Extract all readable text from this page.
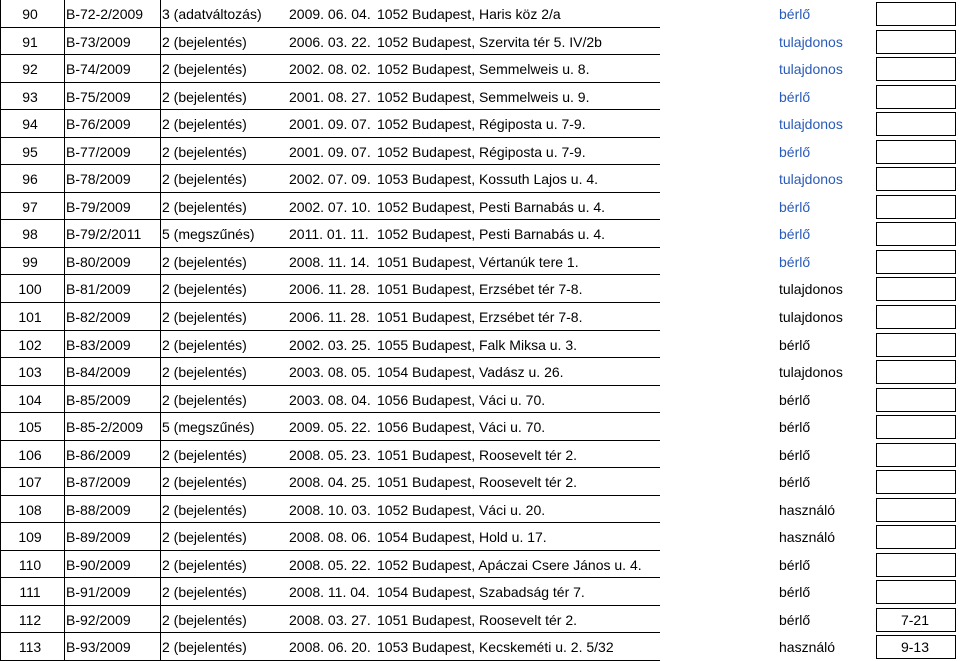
90	B-72-2/2009	3 (adatváltozás)	2009. 06. 04. 1052 Budapest, Haris köz 2/a	bérlő
91	B-73/2009	2 (bejelentés)	2006. 03. 22. 1052 Budapest, Szervita tér 5. IV/2b	tulajdonos
92	B-74/2009	2 (bejelentés)	2002. 08. 02. 1052 Budapest, Semmelweis u. 8.	tulajdonos
93	B-75/2009	2 (bejelentés)	2001. 08. 27. 1052 Budapest, Semmelweis u. 9.	bérlő
94	B-76/2009	2 (bejelentés)	2001. 09. 07. 1052 Budapest, Régiposta u. 7-9.	tulajdonos
95	B-77/2009	2 (bejelentés)	2001. 09. 07. 1052 Budapest, Régiposta u. 7-9.	bérlő
96	B-78/2009	2 (bejelentés)	2002. 07. 09. 1053 Budapest, Kossuth Lajos u. 4.	tulajdonos
97	B-79/2009	2 (bejelentés)	2002. 07. 10. 1052 Budapest, Pesti Barnabás u. 4.	bérlő
98	B-79/2/2011	5 (megszűnés)	2011. 01. 11. 1052 Budapest, Pesti Barnabás u. 4.	bérlő
99	B-80/2009	2 (bejelentés)	2008. 11. 14. 1051 Budapest, Vértanúk tere 1.	bérlő
100	B-81/2009	2 (bejelentés)	2006. 11. 28. 1051 Budapest, Erzsébet tér 7-8.	tulajdonos
101	B-82/2009	2 (bejelentés)	2006. 11. 28. 1051 Budapest, Erzsébet tér 7-8.	tulajdonos
102	B-83/2009	2 (bejelentés)	2002. 03. 25. 1055 Budapest, Falk Miksa u. 3.	bérlő
103	B-84/2009	2 (bejelentés)	2003. 08. 05. 1054 Budapest, Vadász u. 26.	tulajdonos
104	B-85/2009	2 (bejelentés)	2003. 08. 04. 1056 Budapest, Váci u. 70.	bérlő
105	B-85-2/2009	5 (megszűnés)	2009. 05. 22. 1056 Budapest, Váci u. 70.	bérlő
106	B-86/2009	2 (bejelentés)	2008. 05. 23. 1051 Budapest, Roosevelt tér 2.	bérlő
107	B-87/2009	2 (bejelentés)	2008. 04. 25. 1051 Budapest, Roosevelt tér 2.	bérlő
108	B-88/2009	2 (bejelentés)	2008. 10. 03. 1052 Budapest, Váci u. 20.	használó
109	B-89/2009	2 (bejelentés)	2008. 08. 06. 1054 Budapest, Hold u. 17.	használó
110	B-90/2009	2 (bejelentés)	2008. 05. 22. 1052 Budapest, Apáczai Csere János u. 4.	bérlő
111	B-91/2009	2 (bejelentés)	2008. 11. 04. 1054 Budapest, Szabadság tér 7.	bérlő
112	B-92/2009	2 (bejelentés)	2008. 03. 27. 1051 Budapest, Roosevelt tér 2.	bérlő	7-21
113	B-93/2009	2 (bejelentés)	2008. 06. 20. 1053 Budapest, Kecskeméti u. 2. 5/32	használó	9-13
